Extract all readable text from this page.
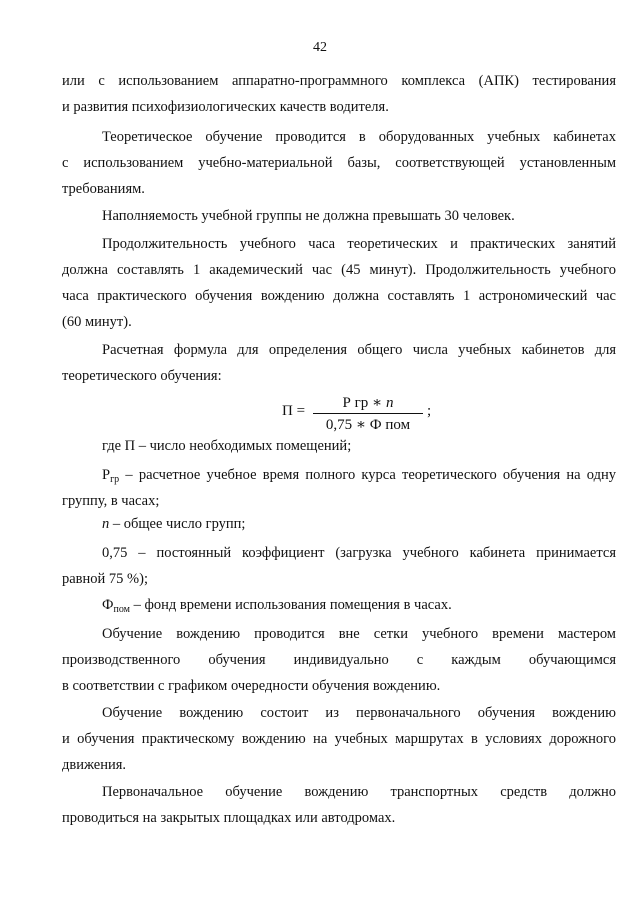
42
или с использованием аппаратно-программного комплекса (АПК) тестирования
и развития психофизиологических качеств водителя.
Теоретическое обучение проводится в оборудованных учебных кабинетах
с использованием учебно-материальной базы, соответствующей установленным
требованиям.
Наполняемость учебной группы не должна превышать 30 человек.
Продолжительность учебного часа теоретических и практических занятий
должна составлять 1 академический час (45 минут). Продолжительность учебного
часа практического обучения вождению должна составлять 1 астрономический час
(60 минут).
Расчетная формула для определения общего числа учебных кабинетов для
теоретического обучения:
П =	Р гр ∗ n
0,75 ∗ Ф пом
;
где П – число необходимых помещений;
$Р_{гр}$ – расчетное учебное время полного курса теоретического обучения на одну
группу, в часах;
n – общее число групп;
0,75 – постоянный коэффициент (загрузка учебного кабинета принимается
равной 75 %);
$Ф_{пом}$ – фонд времени использования помещения в часах.
Обучение вождению проводится вне сетки учебного времени мастером
производственного обучения индивидуально с каждым обучающимся
в соответствии с графиком очередности обучения вождению.
Обучение вождению состоит из первоначального обучения вождению
и обучения практическому вождению на учебных маршрутах в условиях дорожного
движения.
Первоначальное обучение вождению транспортных средств должно
проводиться на закрытых площадках или автодромах.
